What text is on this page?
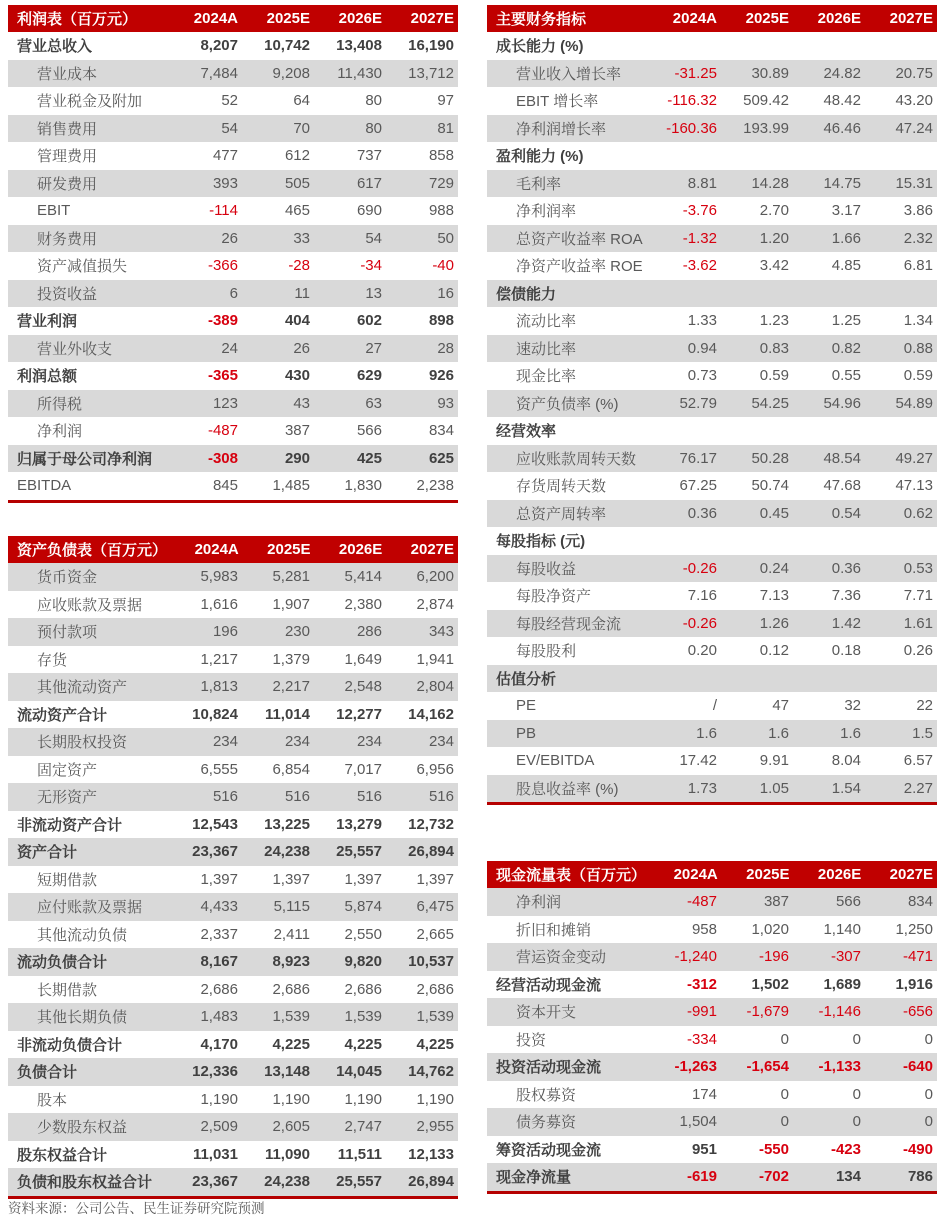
利润表（百万元）	2024A	2025E	2026E	2027E
营业总收入	8,207	10,742	13,408	16,190
营业成本	7,484	9,208	11,430	13,712
营业税金及附加	52	64	80	97
销售费用	54	70	80	81
管理费用	477	612	737	858
研发费用	393	505	617	729
EBIT	-114	465	690	988
财务费用	26	33	54	50
资产减值损失	-366	-28	-34	-40
投资收益	6	11	13	16
营业利润	-389	404	602	898
营业外收支	24	26	27	28
利润总额	-365	430	629	926
所得税	123	43	63	93
净利润	-487	387	566	834
归属于母公司净利润	-308	290	425	625
EBITDA	845	1,485	1,830	2,238
资产负债表（百万元）	2024A	2025E	2026E	2027E
货币资金	5,983	5,281	5,414	6,200
应收账款及票据	1,616	1,907	2,380	2,874
预付款项	196	230	286	343
存货	1,217	1,379	1,649	1,941
其他流动资产	1,813	2,217	2,548	2,804
流动资产合计	10,824	11,014	12,277	14,162
长期股权投资	234	234	234	234
固定资产	6,555	6,854	7,017	6,956
无形资产	516	516	516	516
非流动资产合计	12,543	13,225	13,279	12,732
资产合计	23,367	24,238	25,557	26,894
短期借款	1,397	1,397	1,397	1,397
应付账款及票据	4,433	5,115	5,874	6,475
其他流动负债	2,337	2,411	2,550	2,665
流动负债合计	8,167	8,923	9,820	10,537
长期借款	2,686	2,686	2,686	2,686
其他长期负债	1,483	1,539	1,539	1,539
非流动负债合计	4,170	4,225	4,225	4,225
负债合计	12,336	13,148	14,045	14,762
股本	1,190	1,190	1,190	1,190
少数股东权益	2,509	2,605	2,747	2,955
股东权益合计	11,031	11,090	11,511	12,133
负债和股东权益合计	23,367	24,238	25,557	26,894
主要财务指标	2024A	2025E	2026E	2027E
成长能力 (%)
营业收入增长率	-31.25	30.89	24.82	20.75
EBIT 增长率	-116.32	509.42	48.42	43.20
净利润增长率	-160.36	193.99	46.46	47.24
盈利能力 (%)
毛利率	8.81	14.28	14.75	15.31
净利润率	-3.76	2.70	3.17	3.86
总资产收益率 ROA	-1.32	1.20	1.66	2.32
净资产收益率 ROE	-3.62	3.42	4.85	6.81
偿债能力
流动比率	1.33	1.23	1.25	1.34
速动比率	0.94	0.83	0.82	0.88
现金比率	0.73	0.59	0.55	0.59
资产负债率 (%)	52.79	54.25	54.96	54.89
经营效率
应收账款周转天数	76.17	50.28	48.54	49.27
存货周转天数	67.25	50.74	47.68	47.13
总资产周转率	0.36	0.45	0.54	0.62
每股指标 (元)
每股收益	-0.26	0.24	0.36	0.53
每股净资产	7.16	7.13	7.36	7.71
每股经营现金流	-0.26	1.26	1.42	1.61
每股股利	0.20	0.12	0.18	0.26
估值分析
PE	/	47	32	22
PB	1.6	1.6	1.6	1.5
EV/EBITDA	17.42	9.91	8.04	6.57
股息收益率 (%)	1.73	1.05	1.54	2.27
现金流量表（百万元）	2024A	2025E	2026E	2027E
净利润	-487	387	566	834
折旧和摊销	958	1,020	1,140	1,250
营运资金变动	-1,240	-196	-307	-471
经营活动现金流	-312	1,502	1,689	1,916
资本开支	-991	-1,679	-1,146	-656
投资	-334	0	0	0
投资活动现金流	-1,263	-1,654	-1,133	-640
股权募资	174	0	0	0
债务募资	1,504	0	0	0
筹资活动现金流	951	-550	-423	-490
现金净流量	-619	-702	134	786
资料来源：公司公告、民生证券研究院预测
